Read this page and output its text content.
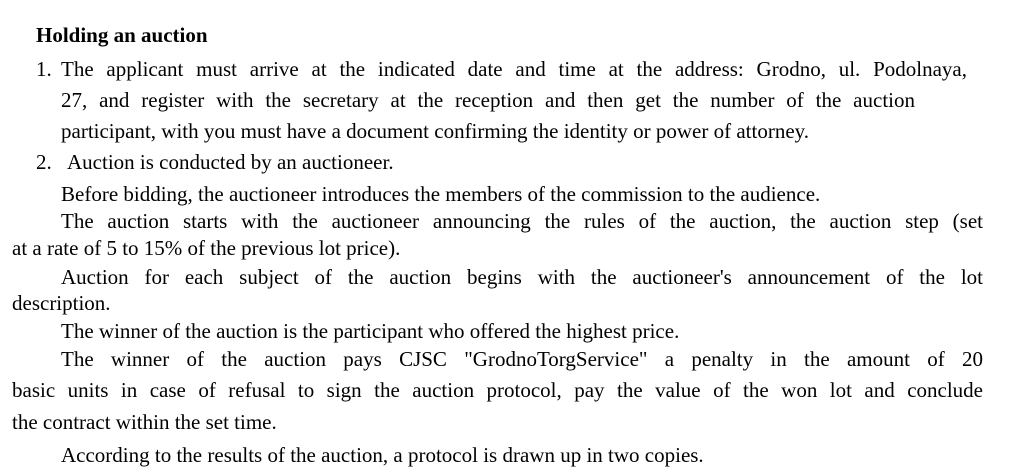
Holding an auction
1. The applicant must arrive at the indicated date and time at the address: Grodno, ul. Podolnaya,
27, and register with the secretary at the reception and then get the number of the auction
participant, with you must have a document confirming the identity or power of attorney.
2. Auction is conducted by an auctioneer.
Before bidding, the auctioneer introduces the members of the commission to the audience.
The auction starts with the auctioneer announcing the rules of the auction, the auction step (set
at a rate of 5 to 15% of the previous lot price).
Auction for each subject of the auction begins with the auctioneer's announcement of the lot
description.
The winner of the auction is the participant who offered the highest price.
The winner of the auction pays CJSC "GrodnoTorgService" a penalty in the amount of 20
basic units in case of refusal to sign the auction protocol, pay the value of the won lot and conclude
the contract within the set time.
According to the results of the auction, a protocol is drawn up in two copies.
